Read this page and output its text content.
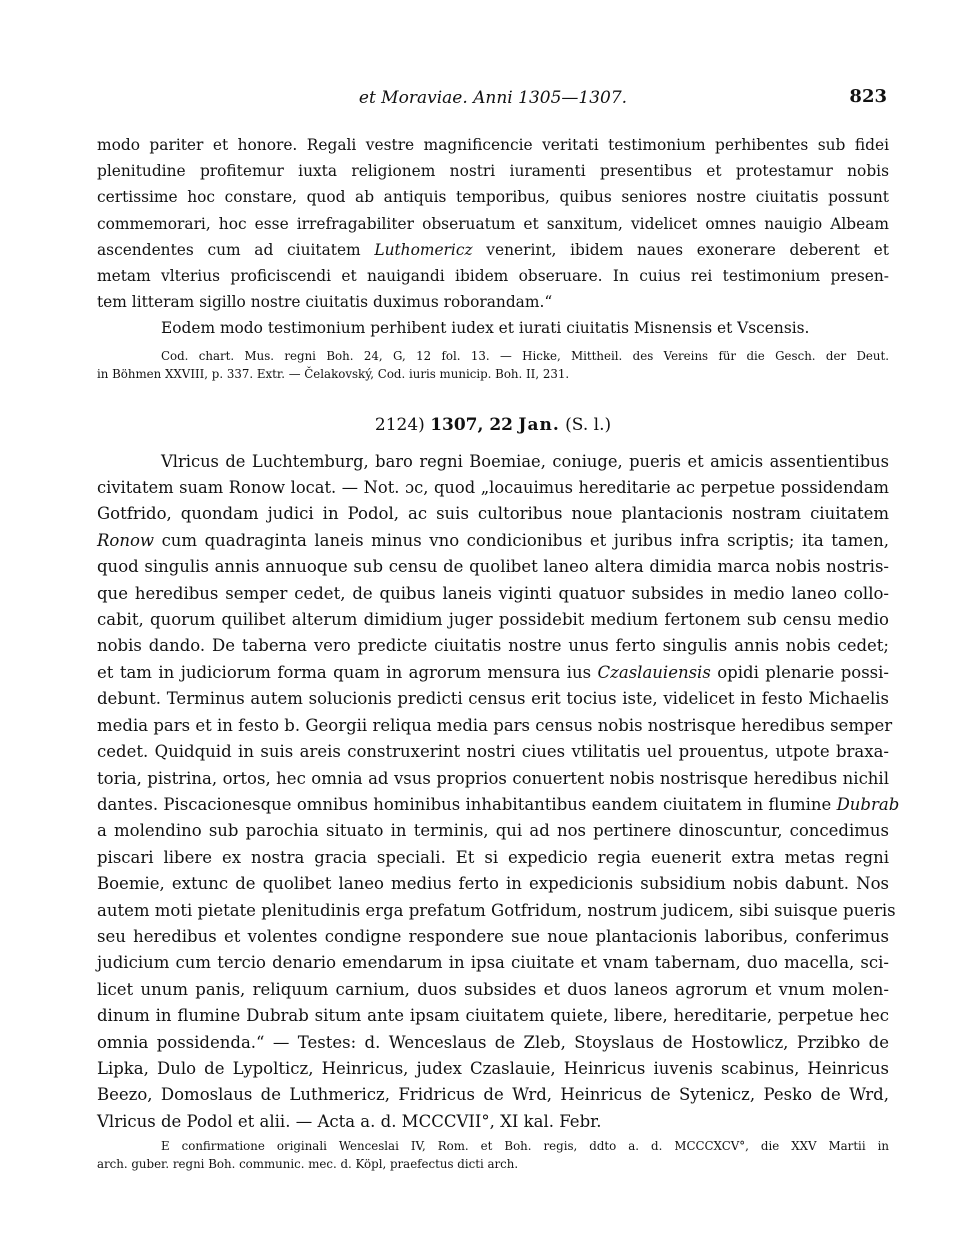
et Moraviae. Anni 1305—1307.	823
modo pariter et honore. Regali vestre magnificencie veritati testimonium perhibentes sub fidei
plenitudine profitemur iuxta religionem nostri iuramenti presentibus et protestamur nobis
certissime hoc constare, quod ab antiquis temporibus, quibus seniores nostre ciuitatis possunt
commemorari, hoc esse irrefragabiliter obseruatum et sanxitum, videlicet omnes nauigio Albeam
ascendentes cum ad ciuitatem Luthomericz venerint, ibidem naues exonerare deberent et
metam vlterius proficiscendi et nauigandi ibidem obseruare. In cuius rei testimonium presen-
tem litteram sigillo nostre ciuitatis duximus roborandam.“
Eodem modo testimonium perhibent iudex et iurati ciuitatis Misnensis et Vscensis.
Cod. chart. Mus. regni Boh. 24, G, 12 fol. 13. — Hicke, Mittheil. des Vereins für die Gesch. der Deut.
in Böhmen XXVIII, p. 337. Extr. — Čelakovský, Cod. iuris municip. Boh. II, 231.
2124) 1307, 22 Jan. (S. l.)
Vlricus de Luchtemburg, baro regni Boemiae, coniuge, pueris et amicis assentientibus
civitatem suam Ronow locat. — Not. ɔc, quod „locauimus hereditarie ac perpetue possidendam
Gotfrido, quondam judici in Podol, ac suis cultoribus noue plantacionis nostram ciuitatem
Ronow cum quadraginta laneis minus vno condicionibus et juribus infra scriptis; ita tamen,
quod singulis annis annuoque sub censu de quolibet laneo altera dimidia marca nobis nostris-
que heredibus semper cedet, de quibus laneis viginti quatuor subsides in medio laneo collo-
cabit, quorum quilibet alterum dimidium juger possidebit medium fertonem sub censu medio
nobis dando. De taberna vero predicte ciuitatis nostre unus ferto singulis annis nobis cedet;
et tam in judiciorum forma quam in agrorum mensura ius Czaslauiensis opidi plenarie possi-
debunt. Terminus autem solucionis predicti census erit tocius iste, videlicet in festo Michaelis
media pars et in festo b. Georgii reliqua media pars census nobis nostrisque heredibus semper
cedet. Quidquid in suis areis construxerint nostri ciues vtilitatis uel prouentus, utpote braxa-
toria, pistrina, ortos, hec omnia ad vsus proprios conuertent nobis nostrisque heredibus nichil
dantes. Piscacionesque omnibus hominibus inhabitantibus eandem ciuitatem in flumine Dubrab
a molendino sub parochia situato in terminis, qui ad nos pertinere dinoscuntur, concedimus
piscari libere ex nostra gracia speciali. Et si expedicio regia euenerit extra metas regni
Boemie, extunc de quolibet laneo medius ferto in expedicionis subsidium nobis dabunt. Nos
autem moti pietate plenitudinis erga prefatum Gotfridum, nostrum judicem, sibi suisque pueris
seu heredibus et volentes condigne respondere sue noue plantacionis laboribus, conferimus
judicium cum tercio denario emendarum in ipsa ciuitate et vnam tabernam, duo macella, sci-
licet unum panis, reliquum carnium, duos subsides et duos laneos agrorum et vnum molen-
dinum in flumine Dubrab situm ante ipsam ciuitatem quiete, libere, hereditarie, perpetue hec
omnia possidenda.“ — Testes: d. Wenceslaus de Zleb, Stoyslaus de Hostowlicz, Przibko de
Lipka, Dulo de Lypolticz, Heinricus, judex Czaslauie, Heinricus iuvenis scabinus, Heinricus
Beezo, Domoslaus de Luthmericz, Fridricus de Wrd, Heinricus de Sytenicz, Pesko de Wrd,
Vlricus de Podol et alii. — Acta a. d. MCCCVII°, XI kal. Febr.
E confirmatione originali Wenceslai IV, Rom. et Boh. regis, ddto a. d. MCCCXCV°, die XXV Martii in
arch. guber. regni Boh. communic. mec. d. Köpl, praefectus dicti arch.
